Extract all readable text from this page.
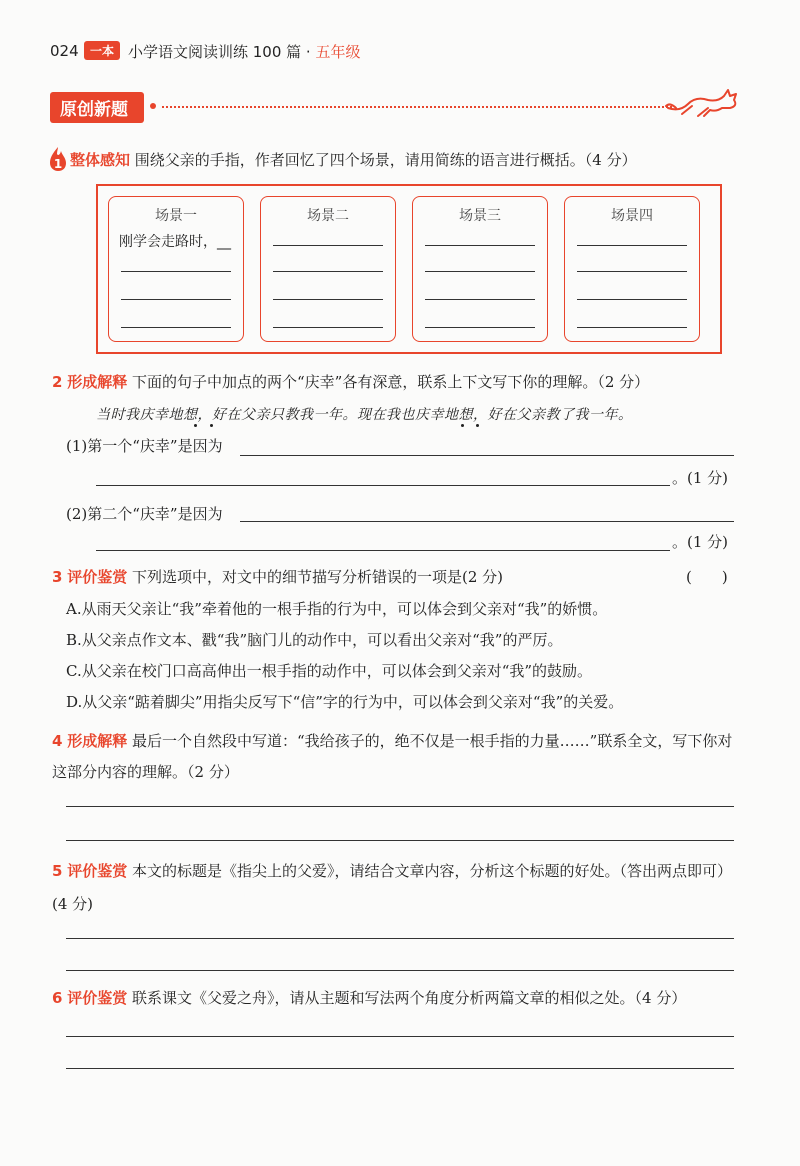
024 一本 小学语文阅读训练 100 篇 · 五年级
原创新题
1 整体感知 围绕父亲的手指，作者回忆了四个场景，请用简练的语言进行概括。（4 分）
场景一
刚学会走路时，__
场景二	场景三	场景四
2 形成解释 下面的句子中加点的两个“庆幸”各有深意，联系上下文写下你的理解。（2 分）
当时我庆幸地想，好在父亲只教我一年。现在我也庆幸地想，好在父亲教了我一年。
(1)第一个“庆幸”是因为
。(1 分)
(2)第二个“庆幸”是因为
。(1 分)
3 评价鉴赏 下列选项中，对文中的细节描写分析错误的一项是(2 分)	(　　)
A.从雨天父亲让“我”牵着他的一根手指的行为中，可以体会到父亲对“我”的娇惯。
B.从父亲点作文本、戳“我”脑门儿的动作中，可以看出父亲对“我”的严厉。
C.从父亲在校门口高高伸出一根手指的动作中，可以体会到父亲对“我”的鼓励。
D.从父亲“踮着脚尖”用指尖反写下“信”字的行为中，可以体会到父亲对“我”的关爱。
4 形成解释 最后一个自然段中写道：“我给孩子的，绝不仅是一根手指的力量……”联系全文，写下你对这部分内容的理解。（2 分）
5 评价鉴赏 本文的标题是《指尖上的父爱》，请结合文章内容，分析这个标题的好处。（答出两点即可）(4 分)
6 评价鉴赏 联系课文《父爱之舟》，请从主题和写法两个角度分析两篇文章的相似之处。（4 分）
